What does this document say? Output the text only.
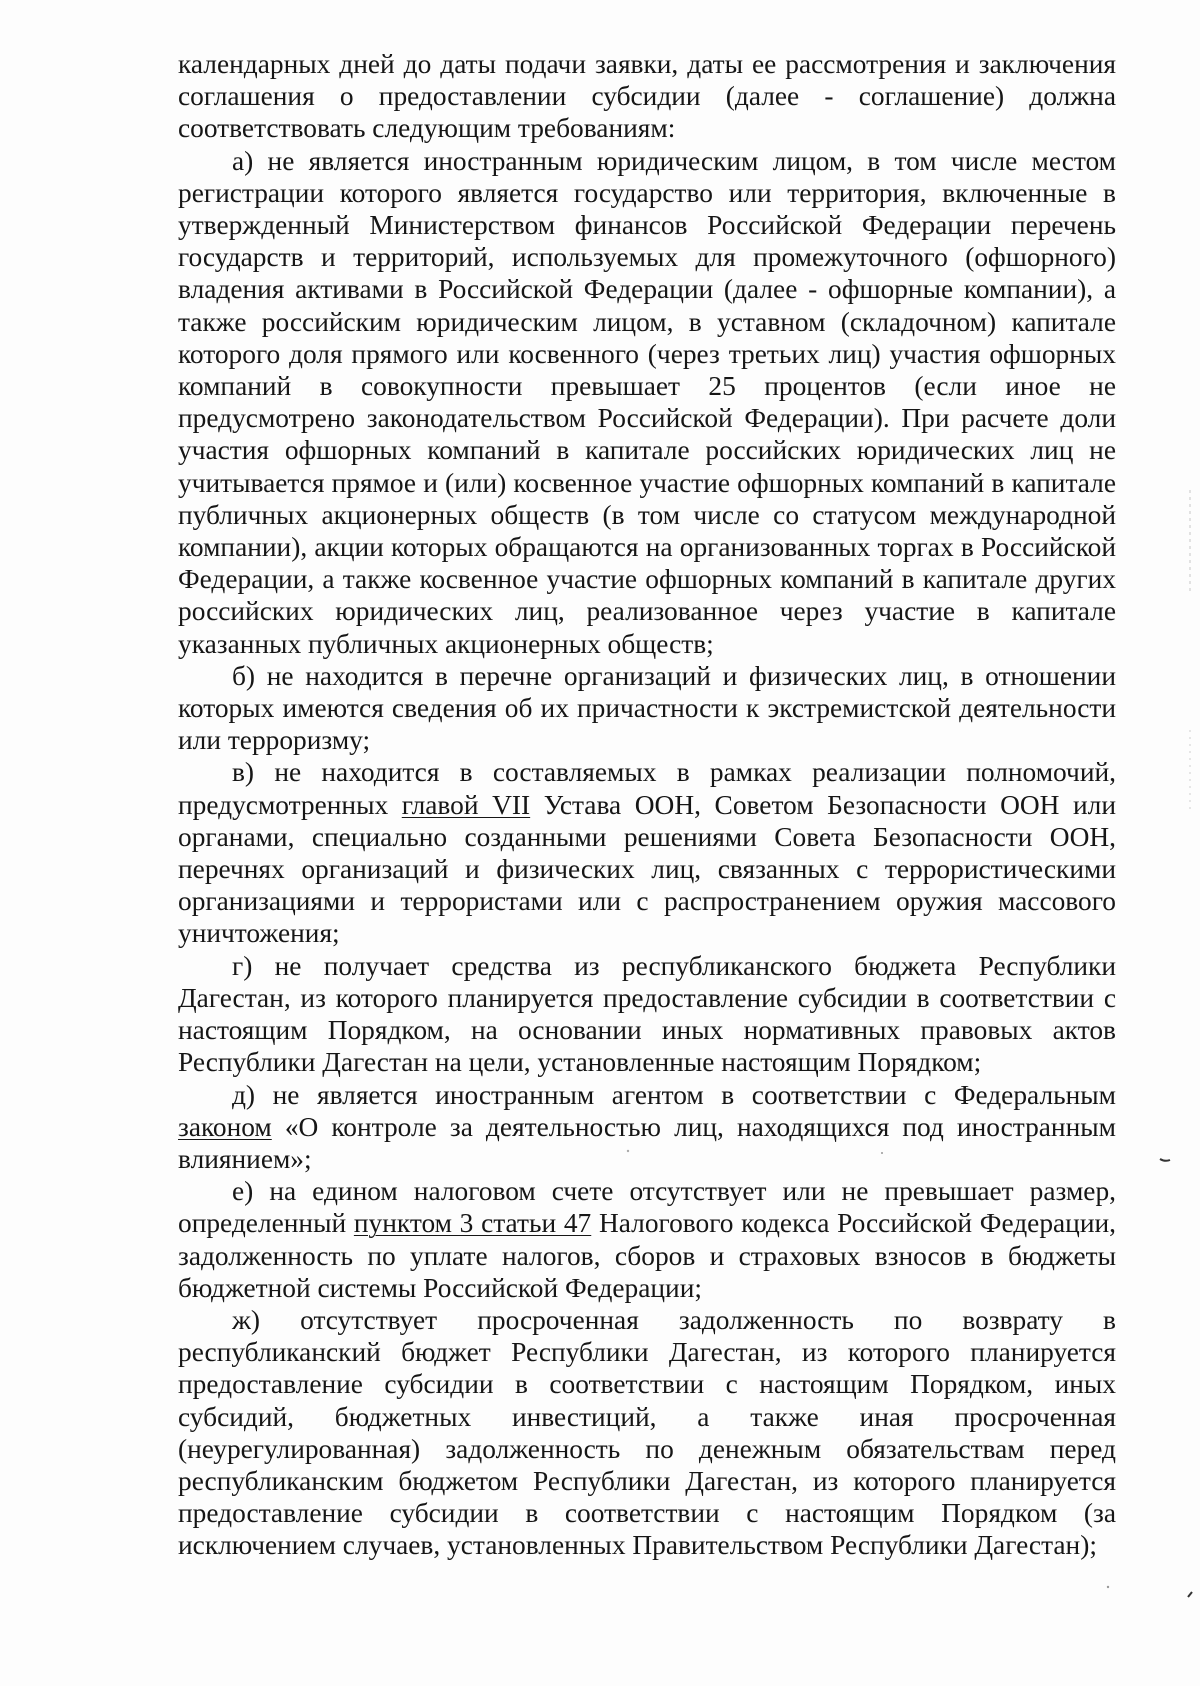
календарных дней до даты подачи заявки, даты ее рассмотрения и заключения соглашения о предоставлении субсидии (далее - соглашение) должна соответствовать следующим требованиям:

а) не является иностранным юридическим лицом, в том числе местом регистрации которого является государство или территория, включенные в утвержденный Министерством финансов Российской Федерации перечень государств и территорий, используемых для промежуточного (офшорного) владения активами в Российской Федерации (далее - офшорные компании), а также российским юридическим лицом, в уставном (складочном) капитале которого доля прямого или косвенного (через третьих лиц) участия офшорных компаний в совокупности превышает 25 процентов (если иное не предусмотрено законодательством Российской Федерации). При расчете доли участия офшорных компаний в капитале российских юридических лиц не учитывается прямое и (или) косвенное участие офшорных компаний в капитале публичных акционерных обществ (в том числе со статусом международной компании), акции которых обращаются на организованных торгах в Российской Федерации, а также косвенное участие офшорных компаний в капитале других российских юридических лиц, реализованное через участие в капитале указанных публичных акционерных обществ;

б) не находится в перечне организаций и физических лиц, в отношении которых имеются сведения об их причастности к экстремистской деятельности или терроризму;

в) не находится в составляемых в рамках реализации полномочий, предусмотренных главой VII Устава ООН, Советом Безопасности ООН или органами, специально созданными решениями Совета Безопасности ООН, перечнях организаций и физических лиц, связанных с террористическими организациями и террористами или с распространением оружия массового уничтожения;

г) не получает средства из республиканского бюджета Республики Дагестан, из которого планируется предоставление субсидии в соответствии с настоящим Порядком, на основании иных нормативных правовых актов Республики Дагестан на цели, установленные настоящим Порядком;

д) не является иностранным агентом в соответствии с Федеральным законом «О контроле за деятельностью лиц, находящихся под иностранным влиянием»;

е) на едином налоговом счете отсутствует или не превышает размер, определенный пунктом 3 статьи 47 Налогового кодекса Российской Федерации, задолженность по уплате налогов, сборов и страховых взносов в бюджеты бюджетной системы Российской Федерации;

ж) отсутствует просроченная задолженность по возврату в республиканский бюджет Республики Дагестан, из которого планируется предоставление субсидии в соответствии с настоящим Порядком, иных субсидий, бюджетных инвестиций, а также иная просроченная (неурегулированная) задолженность по денежным обязательствам перед республиканским бюджетом Республики Дагестан, из которого планируется предоставление субсидии в соответствии с настоящим Порядком (за исключением случаев, установленных Правительством Республики Дагестан);
